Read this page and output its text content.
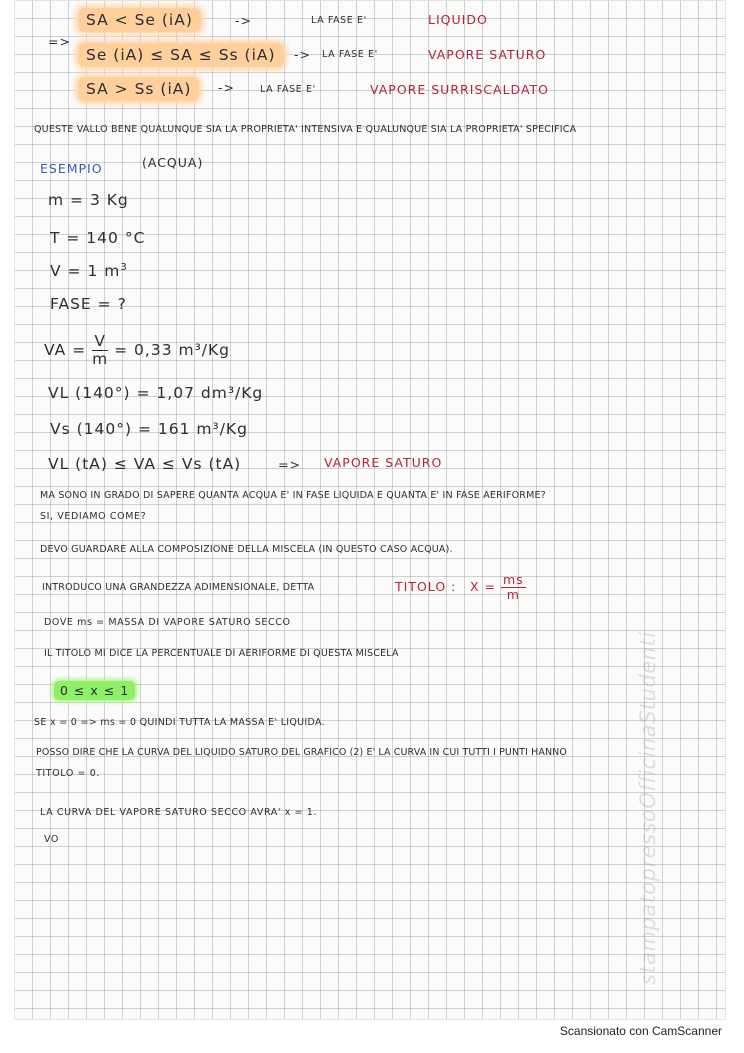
SA < Se (iA)	->	LA FASE E'	LIQUIDO
=>
Se (iA) ≤ SA ≤ Ss (iA)	-> LA FASE E'	VAPORE SATURO
SA > Ss (iA)	->	LA FASE E'	VAPORE SURRISCALDATO
QUESTE VALLO BENE QUALUNQUE SIA LA PROPRIETA' INTENSIVA E QUALUNQUE SIA LA PROPRIETA' SPECIFICA
ESEMPIO	(ACQUA)
m = 3 Kg
T = 140 °C
V = 1 $m^3$
FASE = ?
VA = $\frac{V}{m} = 0,33$ m³/Kg
VL (140°) = 1,07 dm³/Kg
Vs (140°) = 161 m³/Kg
VL (tA) ≤ VA ≤ Vs (tA)	=> VAPORE SATURO
MA SONO IN GRADO DI SAPERE QUANTA ACQUA E' IN FASE LIQUIDA E QUANTA E' IN FASE AERIFORME?
SI, VEDIAMO COME?
DEVO GUARDARE ALLA COMPOSIZIONE DELLA MISCELA (IN QUESTO CASO ACQUA).
INTRODUCO UNA GRANDEZZA ADIMENSIONALE, DETTA	TITOLO : $X = \frac{ms}{m}$
DOVE ms = MASSA DI VAPORE SATURO SECCO
IL TITOLO MI DICE LA PERCENTUALE DI AERIFORME DI QUESTA MISCELA
0 ≤ x ≤ 1
SE x = 0 => ms = 0 QUINDI TUTTA LA MASSA E' LIQUIDA.
POSSO DIRE CHE LA CURVA DEL LIQUIDO SATURO DEL GRAFICO (2) E' LA CURVA IN CUI TUTTI I PUNTI HANNO
TITOLO = 0.
LA CURVA DEL VAPORE SATURO SECCO AVRA' x = 1.
VO	stampatopressoOfficinaStudenti
Scansionato con CamScanner
